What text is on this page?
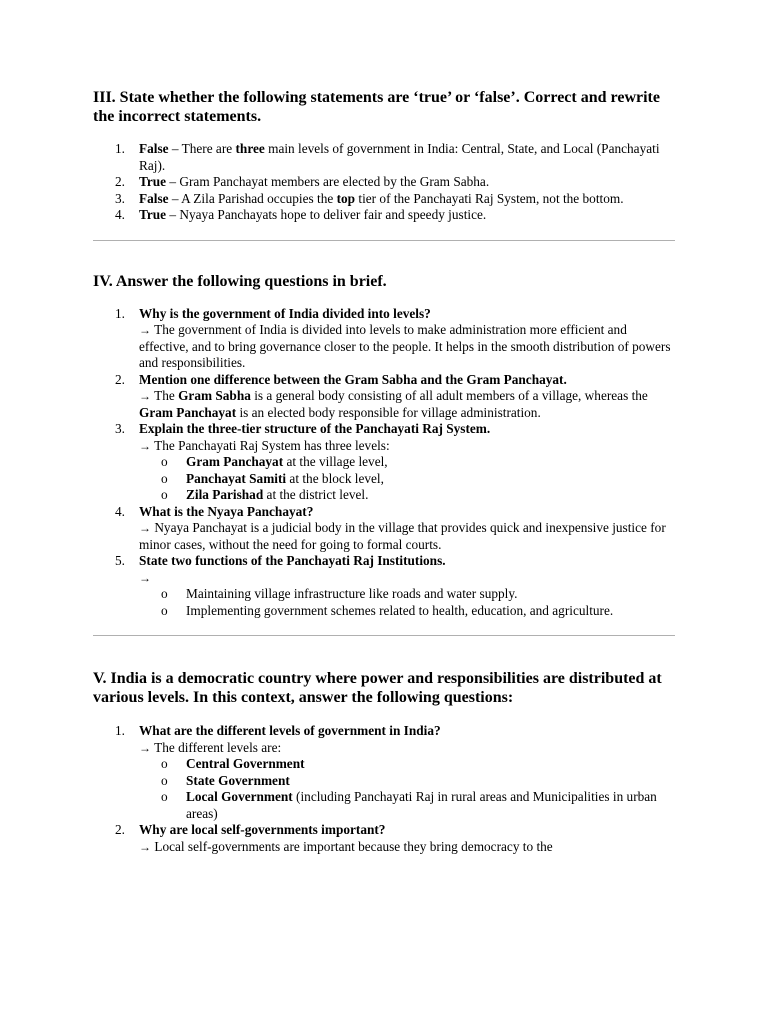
III. State whether the following statements are ‘true’ or ‘false’. Correct and rewrite the incorrect statements.
1.	False – There are three main levels of government in India: Central, State, and Local (Panchayati Raj).
2.	True – Gram Panchayat members are elected by the Gram Sabha.
3.	False – A Zila Parishad occupies the top tier of the Panchayati Raj System, not the bottom.
4.	True – Nyaya Panchayats hope to deliver fair and speedy justice.
IV. Answer the following questions in brief.
1.	Why is the government of India divided into levels?
→ The government of India is divided into levels to make administration more efficient and effective, and to bring governance closer to the people. It helps in the smooth distribution of powers and responsibilities.
2.	Mention one difference between the Gram Sabha and the Gram Panchayat.
→ The Gram Sabha is a general body consisting of all adult members of a village, whereas the Gram Panchayat is an elected body responsible for village administration.
3.	Explain the three-tier structure of the Panchayati Raj System.
→ The Panchayati Raj System has three levels:
o Gram Panchayat at the village level,
o Panchayat Samiti at the block level,
o Zila Parishad at the district level.
4.	What is the Nyaya Panchayat?
→ Nyaya Panchayat is a judicial body in the village that provides quick and inexpensive justice for minor cases, without the need for going to formal courts.
5.	State two functions of the Panchayati Raj Institutions.
→
o Maintaining village infrastructure like roads and water supply.
o Implementing government schemes related to health, education, and agriculture.
V. India is a democratic country where power and responsibilities are distributed at various levels. In this context, answer the following questions:
1.	What are the different levels of government in India?
→ The different levels are:
o Central Government
o State Government
o Local Government (including Panchayati Raj in rural areas and Municipalities in urban areas)
2.	Why are local self-governments important?
→ Local self-governments are important because they bring democracy to the
